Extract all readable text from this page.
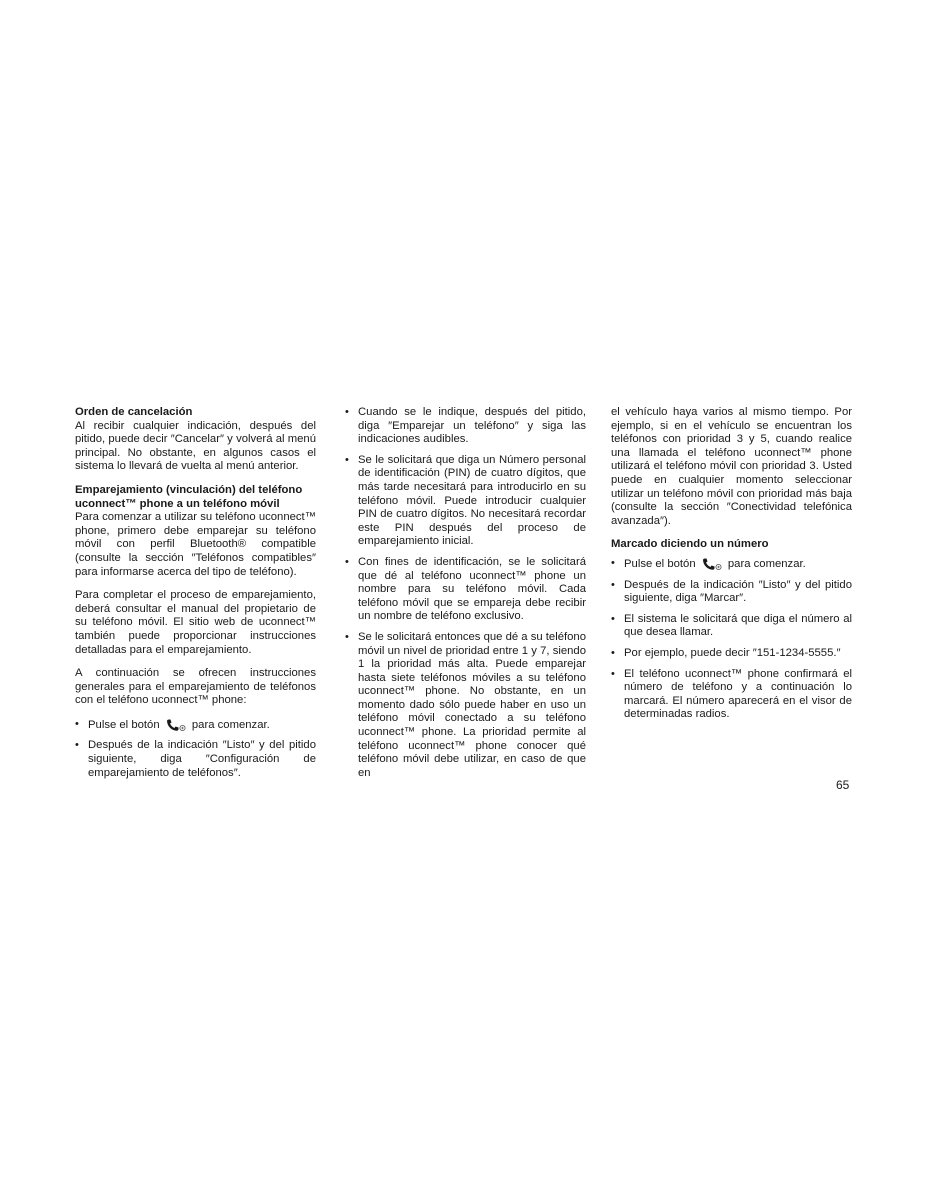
Orden de cancelación

Al recibir cualquier indicación, después del pitido, puede decir ″Cancelar″ y volverá al menú principal. No obstante, en algunos casos el sistema lo llevará de vuelta al menú anterior.

Emparejamiento (vinculación) del teléfono

uconnect™ phone a un teléfono móvil

Para comenzar a utilizar su teléfono uconnect™ phone, primero debe emparejar su teléfono móvil con perfil Bluetooth® compatible (consulte la sección ″Teléfonos compatibles″ para informarse acerca del tipo de teléfono).

Para completar el proceso de emparejamiento, deberá consultar el manual del propietario de su teléfono móvil. El sitio web de uconnect™ también puede proporcionar instrucciones detalladas para el emparejamiento.

A continuación se ofrecen instrucciones generales para el emparejamiento de teléfonos con el teléfono uconnect™ phone:

• Pulse el botón	para comenzar.
• Después de la indicación ″Listo″ y del pitido siguiente, diga ″Configuración de emparejamiento de teléfonos″.
• Cuando se le indique, después del pitido, diga ″Emparejar un teléfono″ y siga las indicaciones audibles.
• Se le solicitará que diga un Número personal de identificación (PIN) de cuatro dígitos, que más tarde necesitará para introducirlo en su teléfono móvil. Puede introducir cualquier PIN de cuatro dígitos. No necesitará recordar este PIN después del proceso de emparejamiento inicial.
• Con fines de identificación, se le solicitará que dé al teléfono uconnect™ phone un nombre para su teléfono móvil. Cada teléfono móvil que se empareja debe recibir un nombre de teléfono exclusivo.
• Se le solicitará entonces que dé a su teléfono móvil un nivel de prioridad entre 1 y 7, siendo 1 la prioridad más alta. Puede emparejar hasta siete teléfonos móviles a su teléfono uconnect™ phone. No obstante, en un momento dado sólo puede haber en uso un teléfono móvil conectado a su teléfono uconnect™ phone. La prioridad permite al teléfono uconnect™ phone conocer qué teléfono móvil debe utilizar, en caso de que en

el vehículo haya varios al mismo tiempo. Por ejemplo, si en el vehículo se encuentran los teléfonos con prioridad 3 y 5, cuando realice una llamada el teléfono uconnect™ phone utilizará el teléfono móvil con prioridad 3. Usted puede en cualquier momento seleccionar utilizar un teléfono móvil con prioridad más baja (consulte la sección ″Conectividad telefónica avanzada″).

Marcado diciendo un número

• Pulse el botón	para comenzar.
• Después de la indicación ″Listo″ y del pitido siguiente, diga ″Marcar″.
• El sistema le solicitará que diga el número al que desea llamar.
• Por ejemplo, puede decir ″151-1234-5555.″
• El teléfono uconnect™ phone confirmará el número de teléfono y a continuación lo marcará. El número aparecerá en el visor de determinadas radios.
65
